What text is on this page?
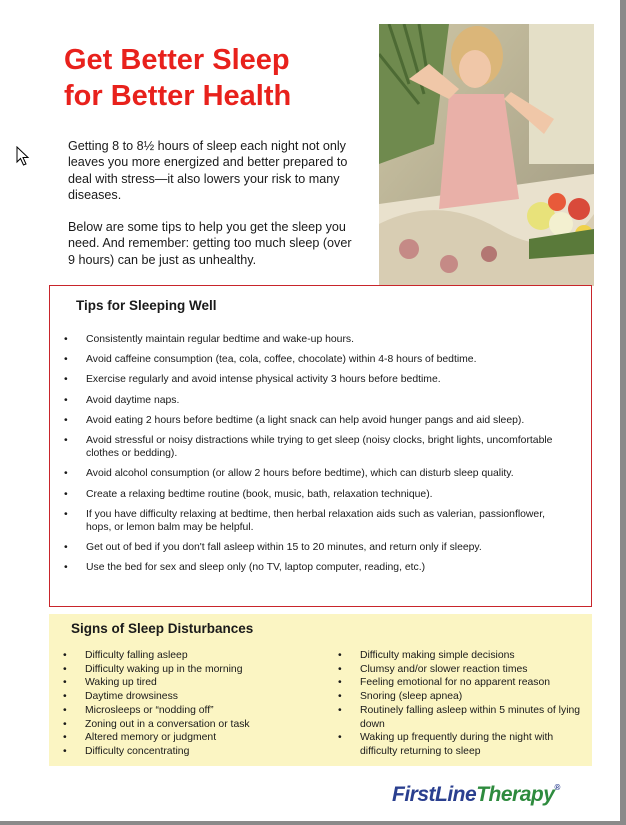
Get Better Sleep
for Better Health

Getting 8 to 8½ hours of sleep each night not only leaves you more energized and better prepared to deal with stress—it also lowers your risk to many diseases.

Below are some tips to help you get the sleep you need. And remember: getting too much sleep (over 9 hours) can be just as unhealthy.

Tips for Sleeping Well
• Consistently maintain regular bedtime and wake-up hours.
• Avoid caffeine consumption (tea, cola, coffee, chocolate) within 4-8 hours of bedtime.
• Exercise regularly and avoid intense physical activity 3 hours before bedtime.
• Avoid daytime naps.
• Avoid eating 2 hours before bedtime (a light snack can help avoid hunger pangs and aid sleep).
• Avoid stressful or noisy distractions while trying to get sleep (noisy clocks, bright lights, uncomfortable clothes or bedding).
• Avoid alcohol consumption (or allow 2 hours before bedtime), which can disturb sleep quality.
• Create a relaxing bedtime routine (book, music, bath, relaxation technique).
• If you have difficulty relaxing at bedtime, then herbal relaxation aids such as valerian, passionflower, hops, or lemon balm may be helpful.
• Get out of bed if you don't fall asleep within 15 to 20 minutes, and return only if sleepy.
• Use the bed for sex and sleep only (no TV, laptop computer, reading, etc.)
Signs of Sleep Disturbances
• Difficulty falling asleep
• Difficulty waking up in the morning
• Waking up tired
• Daytime drowsiness
• Microsleeps or “nodding off”
• Zoning out in a conversation or task
• Altered memory or judgment
• Difficulty concentrating
• Difficulty making simple decisions
• Clumsy and/or slower reaction times
• Feeling emotional for no apparent reason
• Snoring (sleep apnea)
• Routinely falling asleep within 5 minutes of lying down
• Waking up frequently during the night with difficulty returning to sleep
FirstLineTherapy®
